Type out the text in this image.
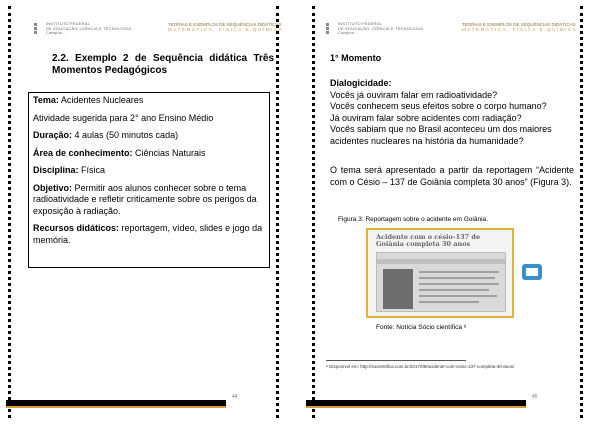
INSTITUTO FEDERAL
DE EDUCAÇÃO, CIÊNCIA E TECNOLOGIA
Campos...
TEORIAS E EXEMPLOS DE SEQUÊNCIAS DIDÁTICAS
MATEMÁTICA, FÍSICA E QUÍMICA
2.2. Exemplo 2 de Sequência didática Três Momentos Pedagógicos

Tema: Acidentes Nucleares

Atividade sugerida para 2° ano Ensino Médio

Duração: 4 aulas (50 minutos cada)

Área de conhecimento: Ciências Naturais

Disciplina: Física

Objetivo: Permitir aos alunos conhecer sobre o tema radioatividade e refletir criticamente sobre os perigos da exposição à radiação.

Recursos didáticos: reportagem, vídeo, slides e jogo da memória.

44
INSTITUTO FEDERAL
DE EDUCAÇÃO, CIÊNCIA E TECNOLOGIA
Campos...
TEORIAS E EXEMPLOS DE SEQUÊNCIAS DIDÁTICAS
MATEMÁTICA, FÍSICA E QUÍMICA
1° Momento

Dialogicidade:

Vocês já ouviram falar em radioatividade?

Vocês conhecem seus efeitos sobre o corpo humano?

Já ouviram falar sobre acidentes com radiação?

Vocês sabiam que no Brasil aconteceu um dos maiores acidentes nucleares na história da humanidade?

O tema será apresentado a partir da reportagem “Acidente com o Césio – 137 de Goiânia completa 30 anos” (Figura 3).
Figura 3: Reportagem sobre o acidente em Goiânia.
Acidente com o césio-137 de Goiânia completa 30 anos
Fonte: Notícia Sócio científica ⁸
⁸ Disponível em: http://socientifica.com.br/2017/09/acidente-com-cesio-137-completa-30-anos/
45
